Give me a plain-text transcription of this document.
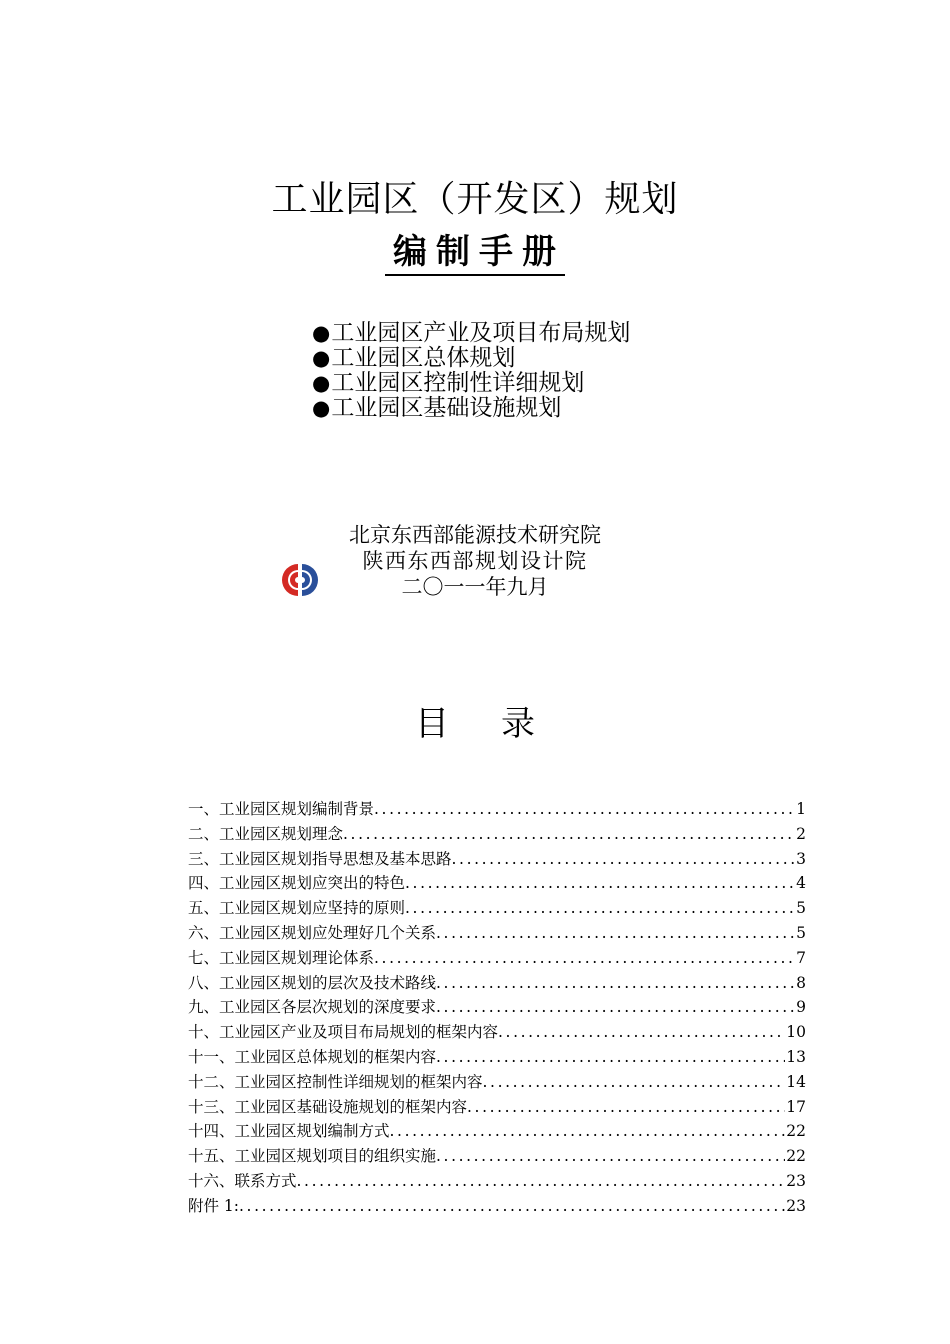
工业园区（开发区）规划
编制手册
●工业园区产业及项目布局规划
●工业园区总体规划
●工业园区控制性详细规划
●工业园区基础设施规划
北京东西部能源技术研究院
陕西东西部规划设计院
二〇一一年九月
目 录
一、工业园区规划编制背景 .....	1
二、工业园区规划理念 .....	2
三、工业园区规划指导思想及基本思路 .....	3
四、工业园区规划应突出的特色 .....	4
五、工业园区规划应坚持的原则 .....	5
六、工业园区规划应处理好几个关系 .....	5
七、工业园区规划理论体系 .....	7
八、工业园区规划的层次及技术路线 .....	8
九、工业园区各层次规划的深度要求 .....	9
十、工业园区产业及项目布局规划的框架内容 .....	10
十一、工业园区总体规划的框架内容 .....	13
十二、工业园区控制性详细规划的框架内容 .....	14
十三、工业园区基础设施规划的框架内容 .....	17
十四、工业园区规划编制方式 .....	22
十五、工业园区规划项目的组织实施 .....	22
十六、联系方式 .....	23
附件 1: .....	23
